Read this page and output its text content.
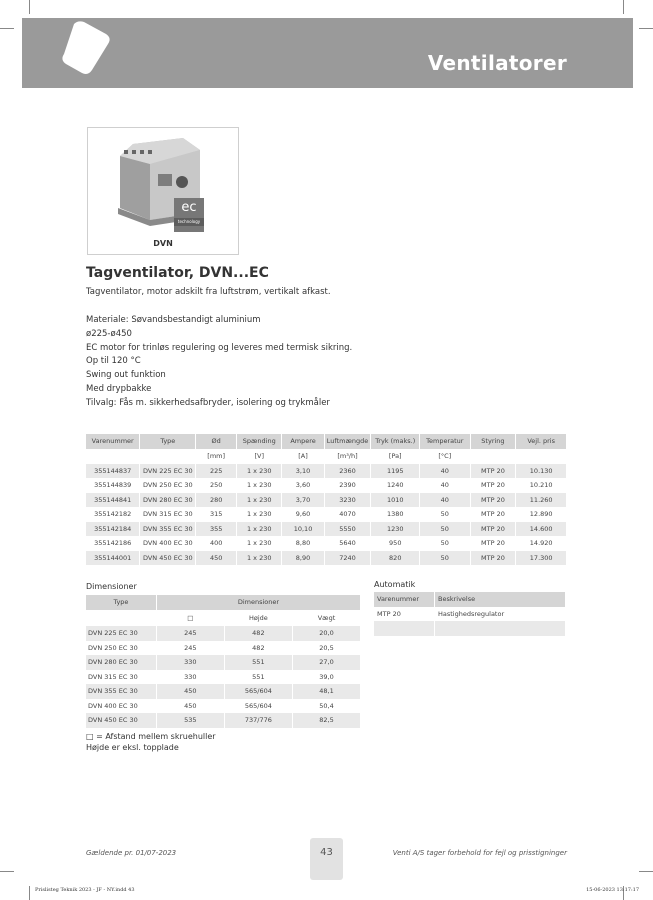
Ventilatorer
ec
technology
DVN
Tagventilator, DVN...EC
Tagventilator, motor adskilt fra luftstrøm, vertikalt afkast.
Materiale: Søvandsbestandigt aluminium
ø225-ø450
EC motor for trinløs regulering og leveres med termisk sikring.
Op til 120 °C
Swing out funktion
Med drypbakke
Tilvalg: Fås m. sikkerhedsafbryder, isolering og trykmåler
Varenummer	Type	Ød	Spænding	Ampere	Luftmængde	Tryk (maks.)	Temperatur	Styring	Vejl. pris
		[mm]	[V]	[A]	[m³/h]	[Pa]	[°C]		
355144837	DVN 225 EC 30	225	1 x 230	3,10	2360	1195	40	MTP 20	10.130
355144839	DVN 250 EC 30	250	1 x 230	3,60	2390	1240	40	MTP 20	10.210
355144841	DVN 280 EC 30	280	1 x 230	3,70	3230	1010	40	MTP 20	11.260
355142182	DVN 315 EC 30	315	1 x 230	9,60	4070	1380	50	MTP 20	12.890
355142184	DVN 355 EC 30	355	1 x 230	10,10	5550	1230	50	MTP 20	14.600
355142186	DVN 400 EC 30	400	1 x 230	8,80	5640	950	50	MTP 20	14.920
355144001	DVN 450 EC 30	450	1 x 230	8,90	7240	820	50	MTP 20	17.300
Dimensioner
Type	Dimensioner		
	□	Højde	Vægt
DVN 225 EC 30	245	482	20,0
DVN 250 EC 30	245	482	20,5
DVN 280 EC 30	330	551	27,0
DVN 315 EC 30	330	551	39,0
DVN 355 EC 30	450	565/604	48,1
DVN 400 EC 30	450	565/604	50,4
DVN 450 EC 30	535	737/776	82,5
Automatik
Varenummer	Beskrivelse
MTP 20	Hastighedsregulator

□ = Afstand mellem skruehuller
Højde er eksl. topplade
Gældende pr. 01/07-2023	43	Venti A/S tager forbehold for fejl og prisstigninger
Prislisteg Teknik 2023 - JF - NY.indd 43	15-06-2023 13:17:17
